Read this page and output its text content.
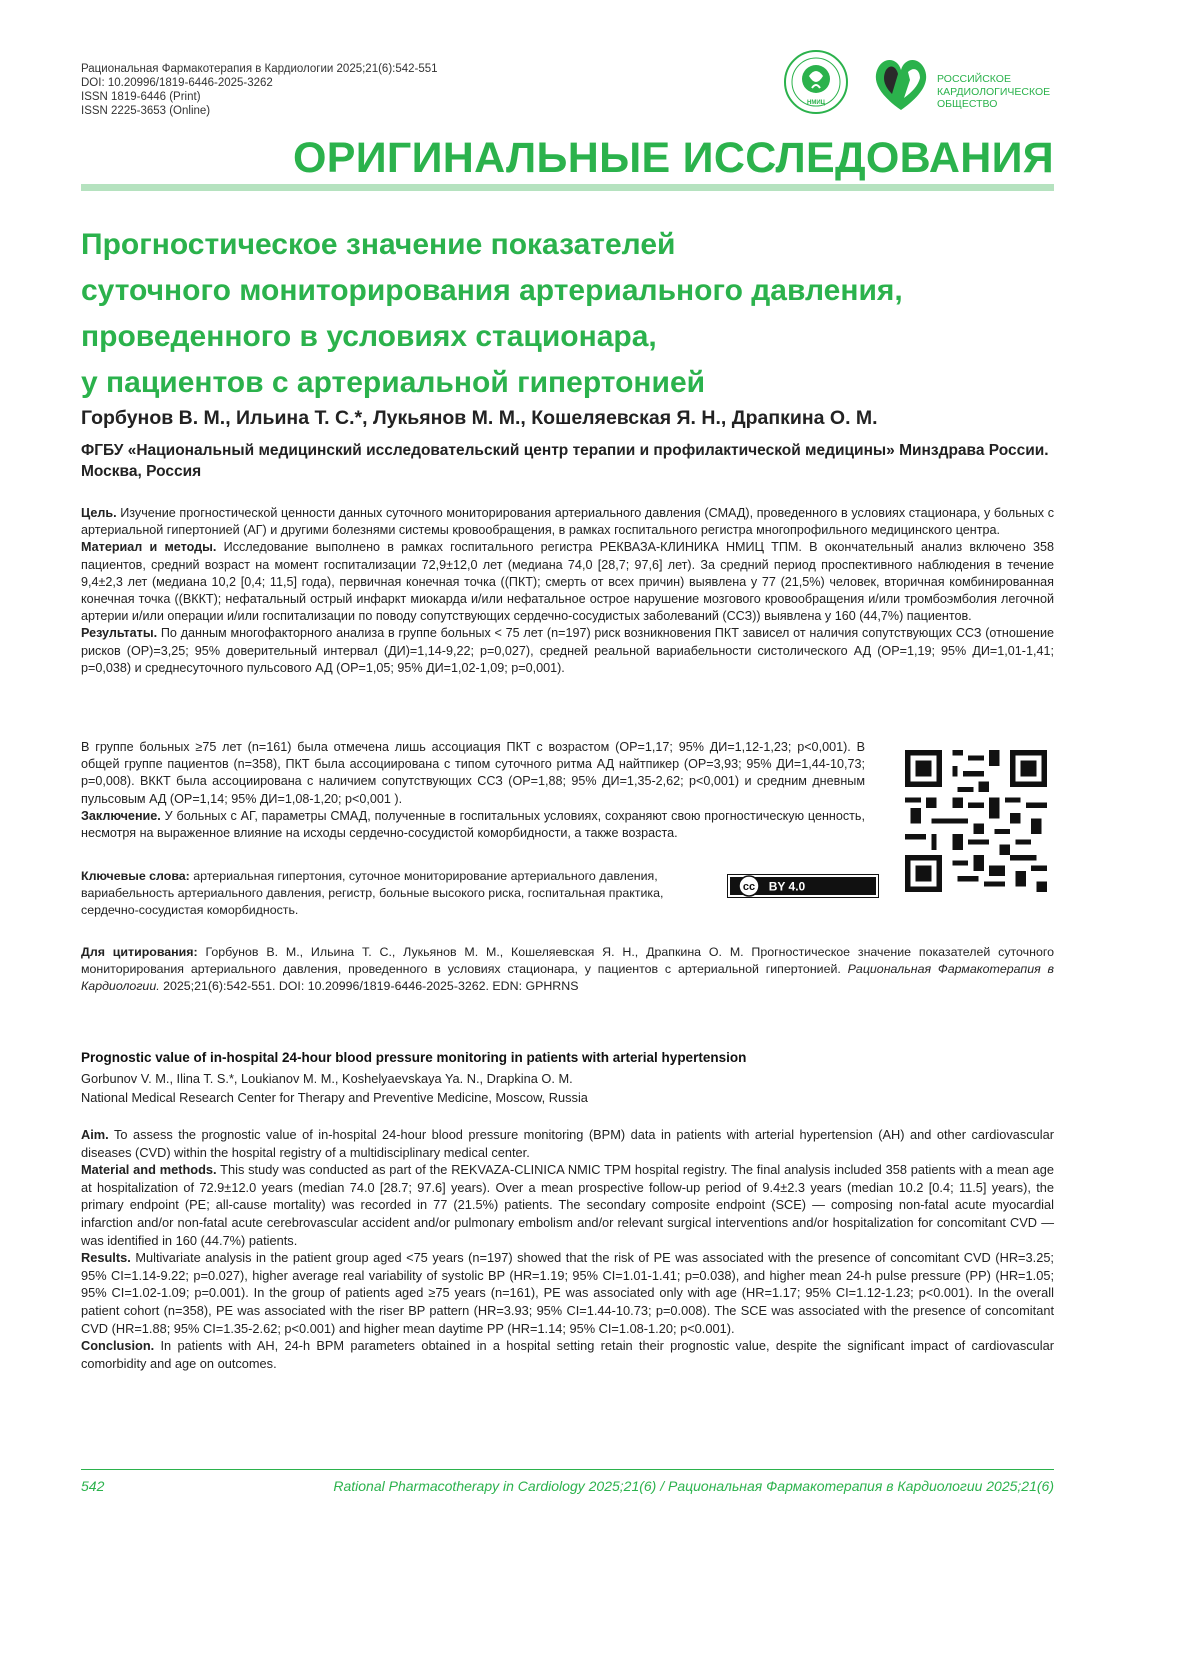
Рациональная Фармакотерапия в Кардиологии 2025;21(6):542-551
DOI: 10.20996/1819-6446-2025-3262
ISSN 1819-6446 (Print)
ISSN 2225-3653 (Online)
НМИЦ
РОССИЙСКОЕ
КАРДИОЛОГИЧЕСКОЕ
ОБЩЕСТВО
ОРИГИНАЛЬНЫЕ ИССЛЕДОВАНИЯ
Прогностическое значение показателей
суточного мониторирования артериального давления,
проведенного в условиях стационара,
у пациентов с артериальной гипертонией
Горбунов В. М., Ильина Т. С.*, Лукьянов М. М., Кошеляевская Я. Н., Драпкина О. М.
ФГБУ «Национальный медицинский исследовательский центр терапии и профилактической медицины» Минздрава России. Москва, Россия

Цель. Изучение прогностической ценности данных суточного мониторирования артериального давления (СМАД), проведенного в условиях стационара, у больных с артериальной гипертонией (АГ) и другими болезнями системы кровообращения, в рамках госпитального регистра многопрофильного медицинского центра.

Материал и методы. Исследование выполнено в рамках госпитального регистра РЕКВАЗА-КЛИНИКА НМИЦ ТПМ. В окончательный анализ включено 358 пациентов, средний возраст на момент госпитализации 72,9±12,0 лет (медиана 74,0 [28,7; 97,6] лет). За средний период проспективного наблюдения в течение 9,4±2,3 лет (медиана 10,2 [0,4; 11,5] года), первичная конечная точка ((ПКТ); смерть от всех причин) выявлена у 77 (21,5%) человек, вторичная комбинированная конечная точка ((ВККТ); нефатальный острый инфаркт миокарда и/или нефатальное острое нарушение мозгового кровообращения и/или тромбоэмболия легочной артерии и/или операции и/или госпитализации по поводу сопутствующих сердечно-сосудистых заболеваний (ССЗ)) выявлена у 160 (44,7%) пациентов.

Результаты. По данным многофакторного анализа в группе больных < 75 лет (n=197) риск возникновения ПКТ зависел от наличия сопутствующих ССЗ (отношение рисков (ОР)=3,25; 95% доверительный интервал (ДИ)=1,14-9,22; p=0,027), средней реальной вариабельности систолического АД (ОР=1,19; 95% ДИ=1,01-1,41; p=0,038) и среднесуточного пульсового АД (ОР=1,05; 95% ДИ=1,02-1,09; p=0,001).

В группе больных ≥75 лет (n=161) была отмечена лишь ассоциация ПКТ с возрастом (ОР=1,17; 95% ДИ=1,12-1,23; p<0,001). В общей группе пациентов (n=358), ПКТ была ассоциирована с типом суточного ритма АД найтпикер (ОР=3,93; 95% ДИ=1,44-10,73; p=0,008). ВККТ была ассоциирована с наличием сопутствующих ССЗ (ОР=1,88; 95% ДИ=1,35-2,62; p<0,001) и средним дневным пульсовым АД (ОР=1,14; 95% ДИ=1,08-1,20; p<0,001 ).

Заключение. У больных с АГ, параметры СМАД, полученные в госпитальных условиях, сохраняют свою прогностическую ценность, несмотря на выраженное влияние на исходы сердечно-сосудистой коморбидности, а также возраста.

Ключевые слова: артериальная гипертония, суточное мониторирование артериального давления, вариабельность артериального давления, регистр, больные высокого риска, госпитальная практика, сердечно-сосудистая коморбидность.
cc BY 4.0
Для цитирования: Горбунов В. М., Ильина Т. С., Лукьянов М. М., Кошеляевская Я. Н., Драпкина О. М. Прогностическое значение показателей суточного мониторирования артериального давления, проведенного в условиях стационара, у пациентов с артериальной гипертонией. Рациональная Фармакотерапия в Кардиологии. 2025;21(6):542-551. DOI: 10.20996/1819-6446-2025-3262. EDN: GPHRNS
Prognostic value of in-hospital 24-hour blood pressure monitoring in patients with arterial hypertension
Gorbunov V. M., Ilina T. S.*, Loukianov M. M., Koshelyaevskaya Ya. N., Drapkina O. M.
National Medical Research Center for Therapy and Preventive Medicine, Moscow, Russia

Aim. To assess the prognostic value of in-hospital 24-hour blood pressure monitoring (BPM) data in patients with arterial hypertension (AH) and other cardiovascular diseases (CVD) within the hospital registry of a multidisciplinary medical center.

Material and methods. This study was conducted as part of the REKVAZA-CLINICA NMIC TPM hospital registry. The final analysis included 358 patients with a mean age at hospitalization of 72.9±12.0 years (median 74.0 [28.7; 97.6] years). Over a mean prospective follow-up period of 9.4±2.3 years (median 10.2 [0.4; 11.5] years), the primary endpoint (PE; all-cause mortality) was recorded in 77 (21.5%) patients. The secondary composite endpoint (SCE) — composing non-fatal acute myocardial infarction and/or non-fatal acute cerebrovascular accident and/or pulmonary embolism and/or relevant surgical interventions and/or hospitalization for concomitant CVD — was identified in 160 (44.7%) patients.

Results. Multivariate analysis in the patient group aged <75 years (n=197) showed that the risk of PE was associated with the presence of concomitant CVD (HR=3.25; 95% CI=1.14-9.22; p=0.027), higher average real variability of systolic BP (HR=1.19; 95% CI=1.01-1.41; p=0.038), and higher mean 24-h pulse pressure (PP) (HR=1.05; 95% CI=1.02-1.09; p=0.001). In the group of patients aged ≥75 years (n=161), PE was associated only with age (HR=1.17; 95% CI=1.12-1.23; p<0.001). In the overall patient cohort (n=358), PE was associated with the riser BP pattern (HR=3.93; 95% CI=1.44-10.73; p=0.008). The SCE was associated with the presence of concomitant CVD (HR=1.88; 95% CI=1.35-2.62; p<0.001) and higher mean daytime PP (HR=1.14; 95% CI=1.08-1.20; p<0.001).

Conclusion. In patients with AH, 24-h BPM parameters obtained in a hospital setting retain their prognostic value, despite the significant impact of cardiovascular comorbidity and age on outcomes.

542	Rational Pharmacotherapy in Cardiology 2025;21(6) / Рациональная Фармакотерапия в Кардиологии 2025;21(6)
